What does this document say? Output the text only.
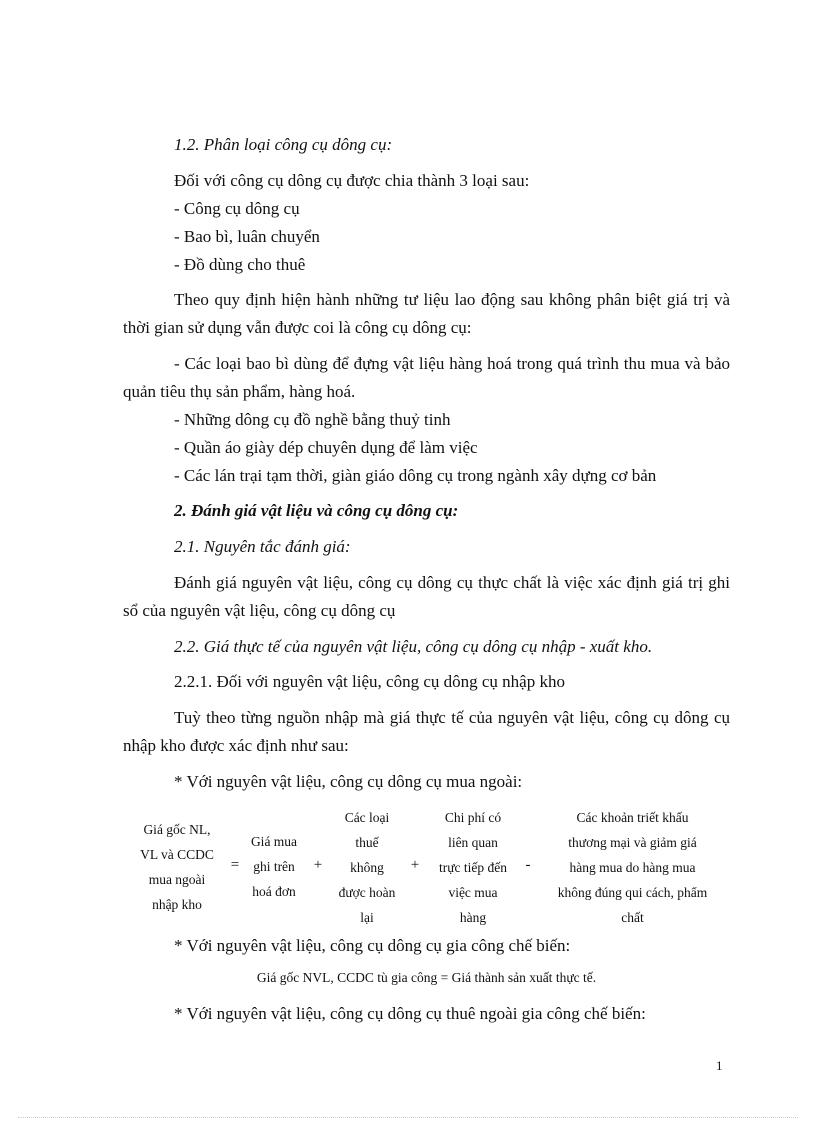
1.2. Phân loại công cụ dông cụ:

Đối với công cụ dông cụ được chia thành 3 loại sau:

- Công cụ dông cụ

- Bao bì, luân chuyển

- Đồ dùng cho thuê

Theo quy định hiện hành những tư liệu lao động sau không phân biệt giá trị và thời gian sử dụng vẫn được coi là công cụ dông cụ:

- Các loại bao bì dùng để đựng vật liệu hàng hoá trong quá trình thu mua và bảo quản tiêu thụ sản phẩm, hàng hoá.

- Những dông cụ đồ nghề bằng thuỷ tinh

- Quần áo giày dép chuyên dụng để làm việc

- Các lán trại tạm thời, giàn giáo dông cụ trong ngành xây dựng cơ bản

2. Đánh giá vật liệu và công cụ dông cụ:

2.1. Nguyên tắc đánh giá:

Đánh giá nguyên vật liệu, công cụ dông cụ thực chất là việc xác định giá trị ghi sổ của nguyên vật liệu, công cụ dông cụ

2.2. Giá thực tế của nguyên vật liệu, công cụ dông cụ nhập - xuất kho.

2.2.1. Đối với nguyên vật liệu, công cụ dông cụ nhập kho

Tuỳ theo từng nguồn nhập mà giá thực tế của nguyên vật liệu, công cụ dông cụ nhập kho được xác định như sau:

* Với nguyên vật liệu, công cụ dông cụ mua ngoài:

Giá gốc NL,
VL và CCDC
mua ngoài
nhập kho
=
Giá mua
ghi trên
hoá đơn
+
Các loại
thuế
không
được hoàn
lại
+
Chi phí có
liên quan
trực tiếp đến
việc mua
hàng
-
Các khoản triết khấu
thương mại và giảm giá
hàng mua do hàng mua
không đúng qui cách, phẩm
chất

* Với nguyên vật liệu, công cụ dông cụ gia công chế biến:

Giá gốc NVL, CCDC tù gia công = Giá thành sản xuất thực tế.

* Với nguyên vật liệu, công cụ dông cụ thuê ngoài gia công chế biến:

1
